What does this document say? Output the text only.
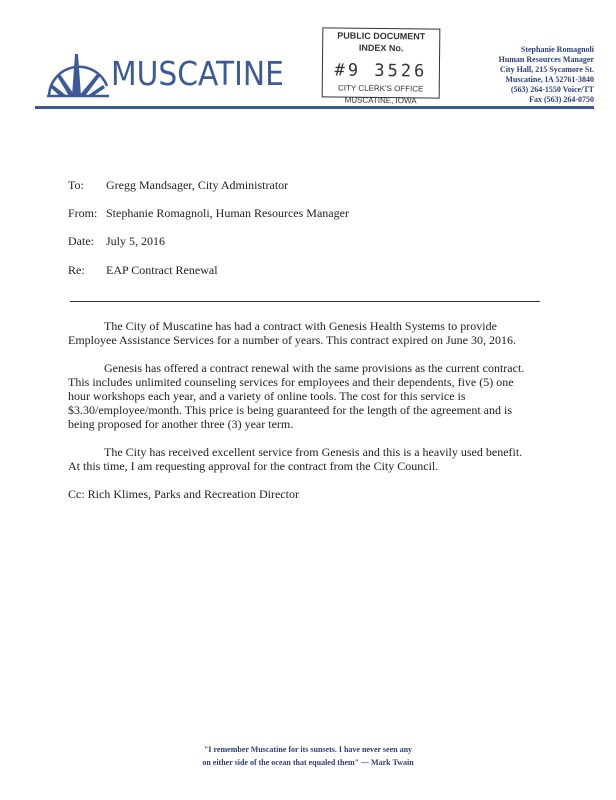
MUSCATINE
PUBLIC DOCUMENT
INDEX No.
#9 3526
CITY CLERK'S OFFICE
MUSCATINE, IOWA
Stephanie Romagnoli
Human Resources Manager
City Hall, 215 Sycamore St.
Muscatine, IA 52761-3840
(563) 264-1550 Voice/TT
Fax (563) 264-0750
To: Gregg Mandsager, City Administrator
From: Stephanie Romagnoli, Human Resources Manager
Date: July 5, 2016
Re: EAP Contract Renewal
The City of Muscatine has had a contract with Genesis Health Systems to provide
Employee Assistance Services for a number of years. This contract expired on June 30, 2016.
Genesis has offered a contract renewal with the same provisions as the current contract.
This includes unlimited counseling services for employees and their dependents, five (5) one
hour workshops each year, and a variety of online tools. The cost for this service is
$3.30/employee/month. This price is being guaranteed for the length of the agreement and is
being proposed for another three (3) year term.
The City has received excellent service from Genesis and this is a heavily used benefit.
At this time, I am requesting approval for the contract from the City Council.
Cc: Rich Klimes, Parks and Recreation Director
"I remember Muscatine for its sunsets. I have never seen any
on either side of the ocean that equaled them" — Mark Twain
